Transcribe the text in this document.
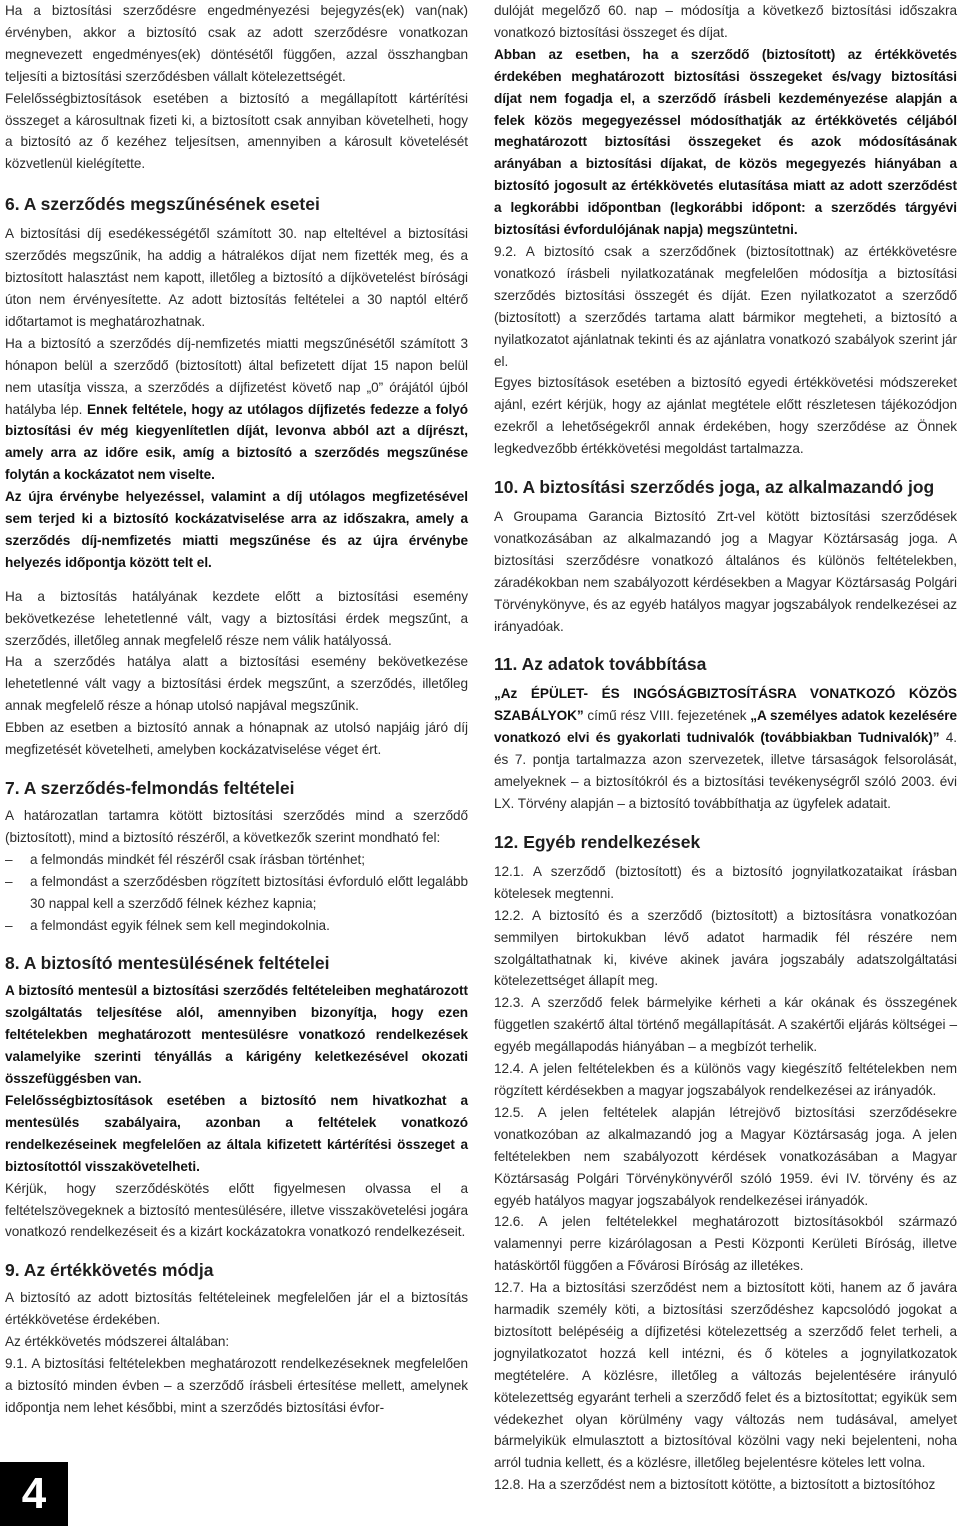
Ha a biztosítási szerződésre engedményezési bejegyzés(ek) van(nak) érvényben, akkor a biztosító csak az adott szerződésre vonatkozan megnevezett engedményes(ek) döntésétől függően, azzal összhangban teljesíti a biztosítási szerződésben vállalt kötelezettségét.

Felelősségbiztosítások esetében a biztosító a megállapított kártérítési összeget a károsultnak fizeti ki, a biztosított csak annyiban követelheti, hogy a biztosító az ő kezéhez teljesítsen, amennyiben a károsult követelését közvetlenül kielégítette.

6. A szerződés megszűnésének esetei

A biztosítási díj esedékességétől számított 30. nap elteltével a biztosítási szerződés megszűnik, ha addig a hátralékos díjat nem fizették meg, és a biztosított halasztást nem kapott, illetőleg a biztosító a díjkövetelést bírósági úton nem érvényesítette. Az adott biztosítás feltételei a 30 naptól eltérő időtartamot is meghatározhatnak.

Ha a biztosító a szerződés díj-nemfizetés miatti megszűnésétől számított 3 hónapon belül a szerződő (biztosított) által befizetett díjat 15 napon belül nem utasítja vissza, a szerződés a díjfizetést követő nap „0” órájától újból hatályba lép. Ennek feltétele, hogy az utólagos díjfizetés fedezze a folyó biztosítási év még kiegyenlítetlen díját, levonva abból azt a díjrészt, amely arra az időre esik, amíg a biztosító a szerződés megszűnése folytán a kockázatot nem viselte.

Az újra érvénybe helyezéssel, valamint a díj utólagos megfizetésével sem terjed ki a biztosító kockázatviselése arra az időszakra, amely a szerződés díj-nemfizetés miatti megszűnése és az újra érvénybe helyezés időpontja között telt el.

Ha a biztosítás hatályának kezdete előtt a biztosítási esemény bekövetkezése lehetetlenné vált, vagy a biztosítási érdek megszűnt, a szerződés, illetőleg annak megfelelő része nem válik hatályossá.

Ha a szerződés hatálya alatt a biztosítási esemény bekövetkezése lehetetlenné vált vagy a biztosítási érdek megszűnt, a szerződés, illetőleg annak megfelelő része a hónap utolsó napjával megszűnik.

Ebben az esetben a biztosító annak a hónapnak az utolsó napjáig járó díj megfizetését követelheti, amelyben kockázatviselése véget ért.

7. A szerződés-felmondás feltételei

A határozatlan tartamra kötött biztosítási szerződés mind a szerződő (biztosított), mind a biztosító részéről, a következők szerint mondható fel:

– a felmondás mindkét fél részéről csak írásban történhet;

– a felmondást a szerződésben rögzített biztosítási évforduló előtt legalább 30 nappal kell a szerződő félnek kézhez kapnia;

– a felmondást egyik félnek sem kell megindokolnia.

8. A biztosító mentesülésének feltételei

A biztosító mentesül a biztosítási szerződés feltételeiben meghatározott szolgáltatás teljesítése alól, amennyiben bizonyítja, hogy ezen feltételekben meghatározott mentesülésre vonatkozó rendelkezések valamelyike szerinti tényállás a kárigény keletkezésével okozati összefüggésben van.

Felelősségbiztosítások esetében a biztosító nem hivatkozhat a mentesülés szabályaira, azonban a feltételek vonatkozó rendelkezéseinek megfelelően az általa kifizetett kártérítési összeget a biztosítottól visszakövetelheti.

Kérjük, hogy szerződéskötés előtt figyelmesen olvassa el a feltételszövegeknek a biztosító mentesülésére, illetve visszakövetelési jogára vonatkozó rendelkezéseit és a kizárt kockázatokra vonatkozó rendelkezéseit.

9. Az értékkövetés módja

A biztosító az adott biztosítás feltételeinek megfelelően jár el a biztosítás értékkövetése érdekében.

Az értékkövetés módszerei általában:

9.1. A biztosítási feltételekben meghatározott rendelkezéseknek megfelelően a biztosító minden évben – a szerződő írásbeli értesítése mellett, amelynek időpontja nem lehet későbbi, mint a szerződés biztosítási évfor-

dulóját megelőző 60. nap – módosítja a következő biztosítási időszakra vonatkozó biztosítási összeget és díjat.

Abban az esetben, ha a szerződő (biztosított) az értékkövetés érdekében meghatározott biztosítási összegeket és/vagy biztosítási díjat nem fogadja el, a szerződő írásbeli kezdeményezése alapján a felek közös megegyezéssel módosíthatják az értékkövetés céljából meghatározott biztosítási összegeket és azok módosításának arányában a biztosítási díjakat, de közös megegyezés hiányában a biztosító jogosult az értékkövetés elutasítása miatt az adott szerződést a legkorábbi időpontban (legkorábbi időpont: a szerződés tárgyévi biztosítási évfordulójának napja) megszüntetni.

9.2. A biztosító csak a szerződőnek (biztosítottnak) az értékkövetésre vonatkozó írásbeli nyilatkozatának megfelelően módosítja a biztosítási szerződés biztosítási összegét és díját. Ezen nyilatkozatot a szerződő (biztosított) a szerződés tartama alatt bármikor megteheti, a biztosító a nyilatkozatot ajánlatnak tekinti és az ajánlatra vonatkozó szabályok szerint jár el.

Egyes biztosítások esetében a biztosító egyedi értékkövetési módszereket ajánl, ezért kérjük, hogy az ajánlat megtétele előtt részletesen tájékozódjon ezekről a lehetőségekről annak érdekében, hogy szerződése az Önnek legkedvezőbb értékkövetési megoldást tartalmazza.

10. A biztosítási szerződés joga, az alkalmazandó jog

A Groupama Garancia Biztosító Zrt-vel kötött biztosítási szerződések vonatkozásában az alkalmazandó jog a Magyar Köztársaság joga. A biztosítási szerződésre vonatkozó általános és különös feltételekben, záradékokban nem szabályozott kérdésekben a Magyar Köztársaság Polgári Törvénykönyve, és az egyéb hatályos magyar jogszabályok rendelkezései az irányadóak.

11. Az adatok továbbítása

„Az ÉPÜLET- ÉS INGÓSÁGBIZTOSÍTÁSRA VONATKOZÓ KÖZÖS SZABÁLYOK” című rész VIII. fejezetének „A személyes adatok kezelésére vonatkozó elvi és gyakorlati tudnivalók (továbbiakban Tudnivalók)” 4. és 7. pontja tartalmazza azon szervezetek, illetve társaságok felsorolását, amelyeknek – a biztosítókról és a biztosítási tevékenységről szóló 2003. évi LX. Törvény alapján – a biztosító továbbíthatja az ügyfelek adatait.

12. Egyéb rendelkezések

12.1. A szerződő (biztosított) és a biztosító jognyilatkozataikat írásban kötelesek megtenni.

12.2. A biztosító és a szerződő (biztosított) a biztosításra vonatkozóan semmilyen birtokukban lévő adatot harmadik fél részére nem szolgáltathatnak ki, kivéve akinek javára jogszabály adatszolgáltatási kötelezettséget állapít meg.

12.3. A szerződő felek bármelyike kérheti a kár okának és összegének független szakértő által történő megállapítását. A szakértői eljárás költségei – egyéb megállapodás hiányában – a megbízót terhelik.

12.4. A jelen feltételekben és a különös vagy kiegészítő feltételekben nem rögzített kérdésekben a magyar jogszabályok rendelkezései az irányadók.

12.5. A jelen feltételek alapján létrejövő biztosítási szerződésekre vonatkozóban az alkalmazandó jog a Magyar Köztársaság joga. A jelen feltételekben nem szabályozott kérdések vonatkozásában a Magyar Köztársaság Polgári Törvénykönyvéről szóló 1959. évi IV. törvény és az egyéb hatályos magyar jogszabályok rendelkezései irányadók.

12.6. A jelen feltételekkel meghatározott biztosításokból származó valamennyi perre kizárólagosan a Pesti Központi Kerületi Bíróság, illetve hatáskörtől függően a Fővárosi Bíróság az illetékes.

12.7. Ha a biztosítási szerződést nem a biztosított köti, hanem az ő javára harmadik személy köti, a biztosítási szerződéshez kapcsolódó jogokat a biztosított belépéséig a díjfizetési kötelezettség a szerződő felet terheli, a jognyilatkozatot hozzá kell intézni, és ő köteles a jognyilatkozatok megtételére. A közlésre, illetőleg a változás bejelentésére irányuló kötelezettség egyaránt terheli a szerződő felet és a biztosítottat; egyikük sem védekezhet olyan körülmény vagy változás nem tudásával, amelyet bármelyikük elmulasztott a biztosítóval közölni vagy neki bejelenteni, noha arról tudnia kellett, és a közlésre, illetőleg bejelentésre köteles lett volna.

12.8. Ha a szerződést nem a biztosított kötötte, a biztosított a biztosítóhoz

4
